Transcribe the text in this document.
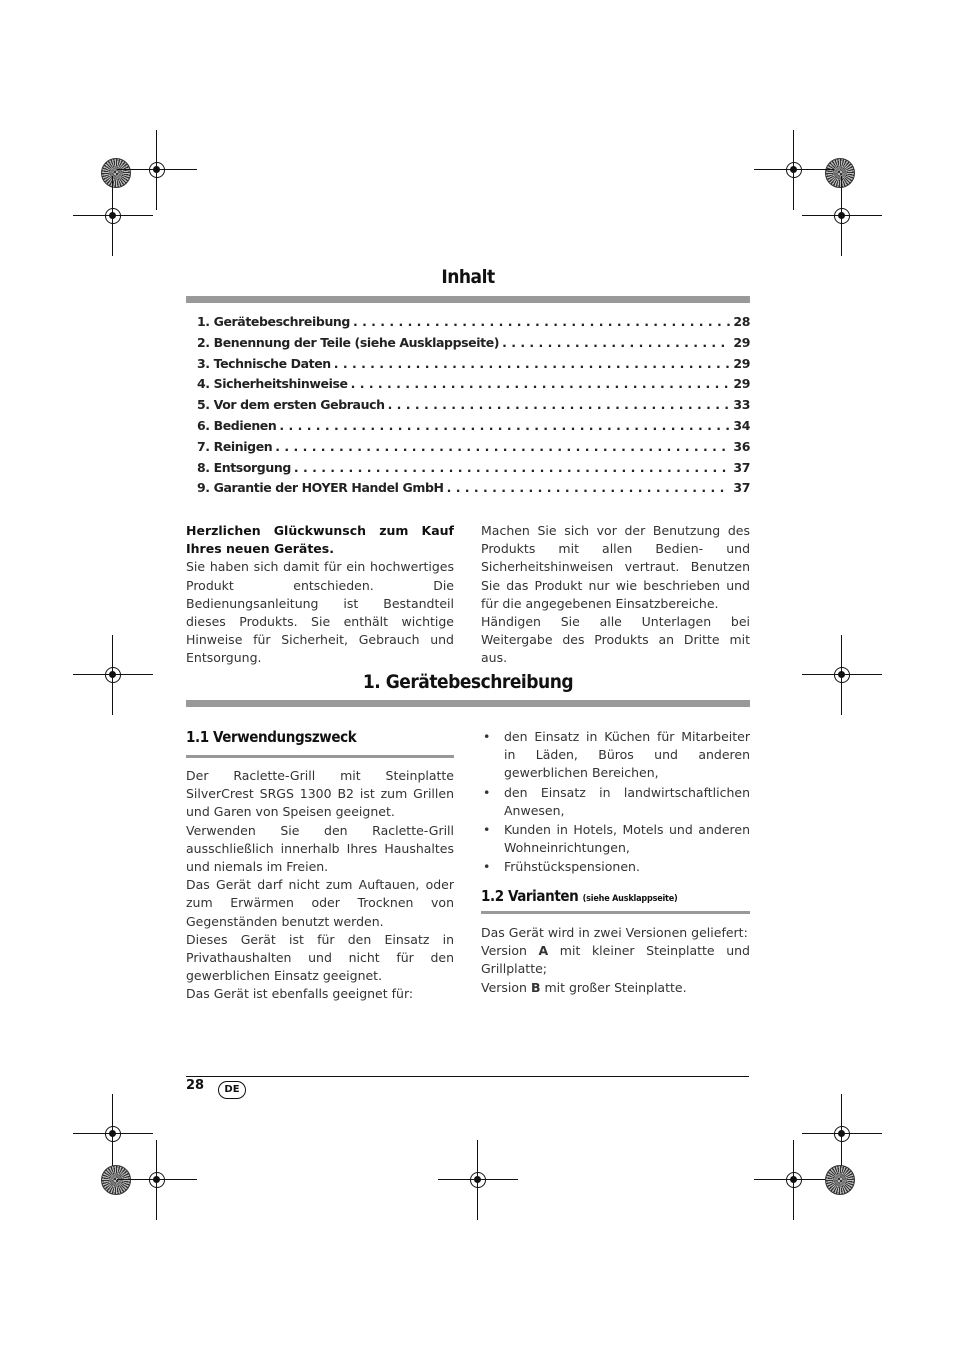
Inhalt
1. Gerätebeschreibung . . .	28
2. Benennung der Teile (siehe Ausklappseite) . . .	29
3. Technische Daten . . .	29
4. Sicherheitshinweise . . .	29
5. Vor dem ersten Gebrauch . . .	33
6. Bedienen . . .	34
7. Reinigen . . .	36
8. Entsorgung . . .	37
9. Garantie der HOYER Handel GmbH . . .	37

Herzlichen Glückwunsch zum Kauf Ihres neuen Gerätes.

Sie haben sich damit für ein hochwertiges Produkt entschieden. Die Bedienungsanleitung ist Bestandteil dieses Produkts. Sie enthält wichtige Hinweise für Sicherheit, Gebrauch und Entsorgung.

Machen Sie sich vor der Benutzung des Produkts mit allen Bedien- und Sicherheitshinweisen vertraut. Benutzen Sie das Produkt nur wie beschrieben und für die angegebenen Einsatzbereiche.

Händigen Sie alle Unterlagen bei Weitergabe des Produkts an Dritte mit aus.

1. Gerätebeschreibung
1.1 Verwendungszweck

Der Raclette-Grill mit Steinplatte SilverCrest SRGS 1300 B2 ist zum Grillen und Garen von Speisen geeignet.

Verwenden Sie den Raclette-Grill ausschließlich innerhalb Ihres Haushaltes und niemals im Freien.

Das Gerät darf nicht zum Auftauen, oder zum Erwärmen oder Trocknen von Gegenständen benutzt werden.

Dieses Gerät ist für den Einsatz in Privathaushalten und nicht für den gewerblichen Einsatz geeignet.

Das Gerät ist ebenfalls geeignet für:

• den Einsatz in Küchen für Mitarbeiter in Läden, Büros und anderen gewerblichen Bereichen,
• den Einsatz in landwirtschaftlichen Anwesen,
• Kunden in Hotels, Motels und anderen Wohneinrichtungen,
• Frühstückspensionen.
1.2 Varianten (siehe Ausklappseite)

Das Gerät wird in zwei Versionen geliefert:

Version A mit kleiner Steinplatte und Grillplatte;

Version B mit großer Steinplatte.

28	DE
